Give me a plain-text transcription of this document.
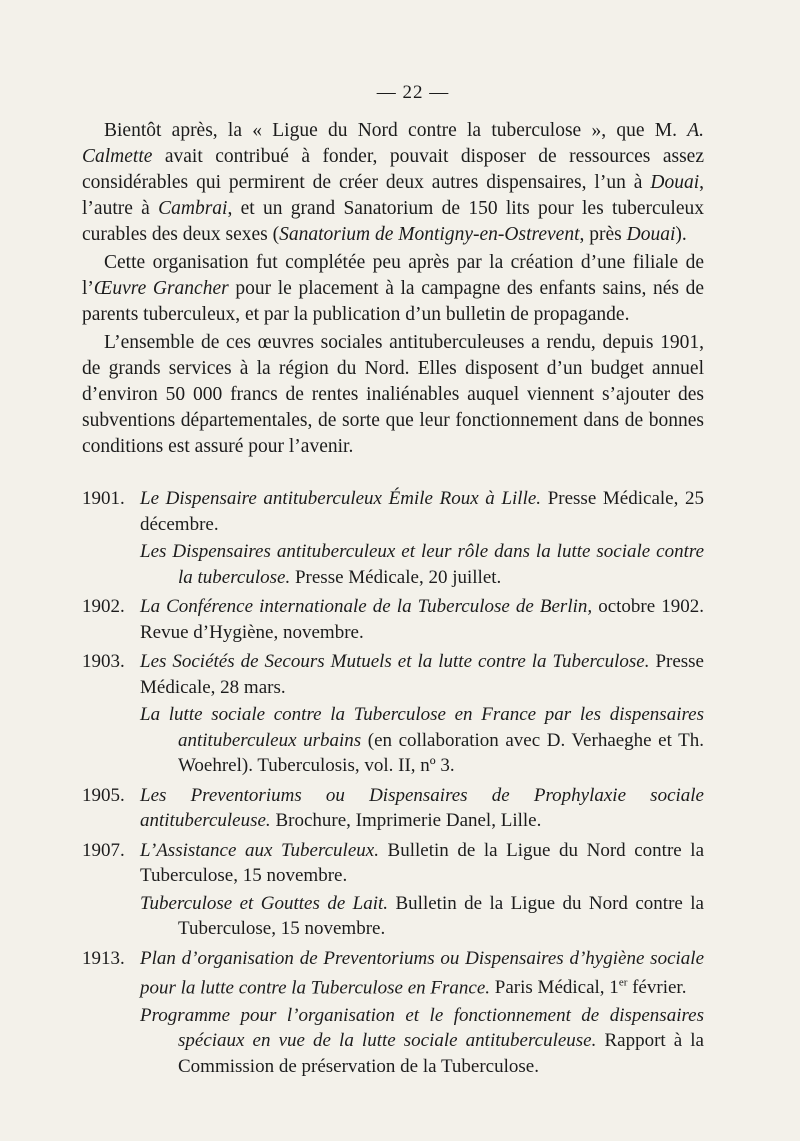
— 22 —

Bientôt après, la « Ligue du Nord contre la tuberculose », que M. A. Calmette avait contribué à fonder, pouvait disposer de ressources assez considérables qui permirent de créer deux autres dispensaires, l’un à Douai, l’autre à Cambrai, et un grand Sanatorium de 150 lits pour les tuberculeux curables des deux sexes (Sanatorium de Montigny-en-Ostrevent, près Douai).

Cette organisation fut complétée peu après par la création d’une filiale de l’Œuvre Grancher pour le placement à la campagne des enfants sains, nés de parents tuberculeux, et par la publication d’un bulletin de propagande.

L’ensemble de ces œuvres sociales antituberculeuses a rendu, depuis 1901, de grands services à la région du Nord. Elles disposent d’un budget annuel d’environ 50 000 francs de rentes inaliénables auquel viennent s’ajouter des subventions départementales, de sorte que leur fonctionnement dans de bonnes conditions est assuré pour l’avenir.

1901. Le Dispensaire antituberculeux Émile Roux à Lille. Presse Médicale, 25 décembre.

Les Dispensaires antituberculeux et leur rôle dans la lutte sociale contre la tuberculose. Presse Médicale, 20 juillet.

1902. La Conférence internationale de la Tuberculose de Berlin, octobre 1902. Revue d’Hygiène, novembre.

1903. Les Sociétés de Secours Mutuels et la lutte contre la Tuberculose. Presse Médicale, 28 mars.

La lutte sociale contre la Tuberculose en France par les dispensaires antituberculeux urbains (en collaboration avec D. Verhaeghe et Th. Woehrel). Tuberculosis, vol. II, nº 3.

1905. Les Preventoriums ou Dispensaires de Prophylaxie sociale antituberculeuse. Brochure, Imprimerie Danel, Lille.

1907. L’Assistance aux Tuberculeux. Bulletin de la Ligue du Nord contre la Tuberculose, 15 novembre.

Tuberculose et Gouttes de Lait. Bulletin de la Ligue du Nord contre la Tuberculose, 15 novembre.

1913. Plan d’organisation de Preventoriums ou Dispensaires d’hygiène sociale pour la lutte contre la Tuberculose en France. Paris Médical, 1er février.

Programme pour l’organisation et le fonctionnement de dispensaires spéciaux en vue de la lutte sociale antituberculeuse. Rapport à la Commission de préservation de la Tuberculose.
